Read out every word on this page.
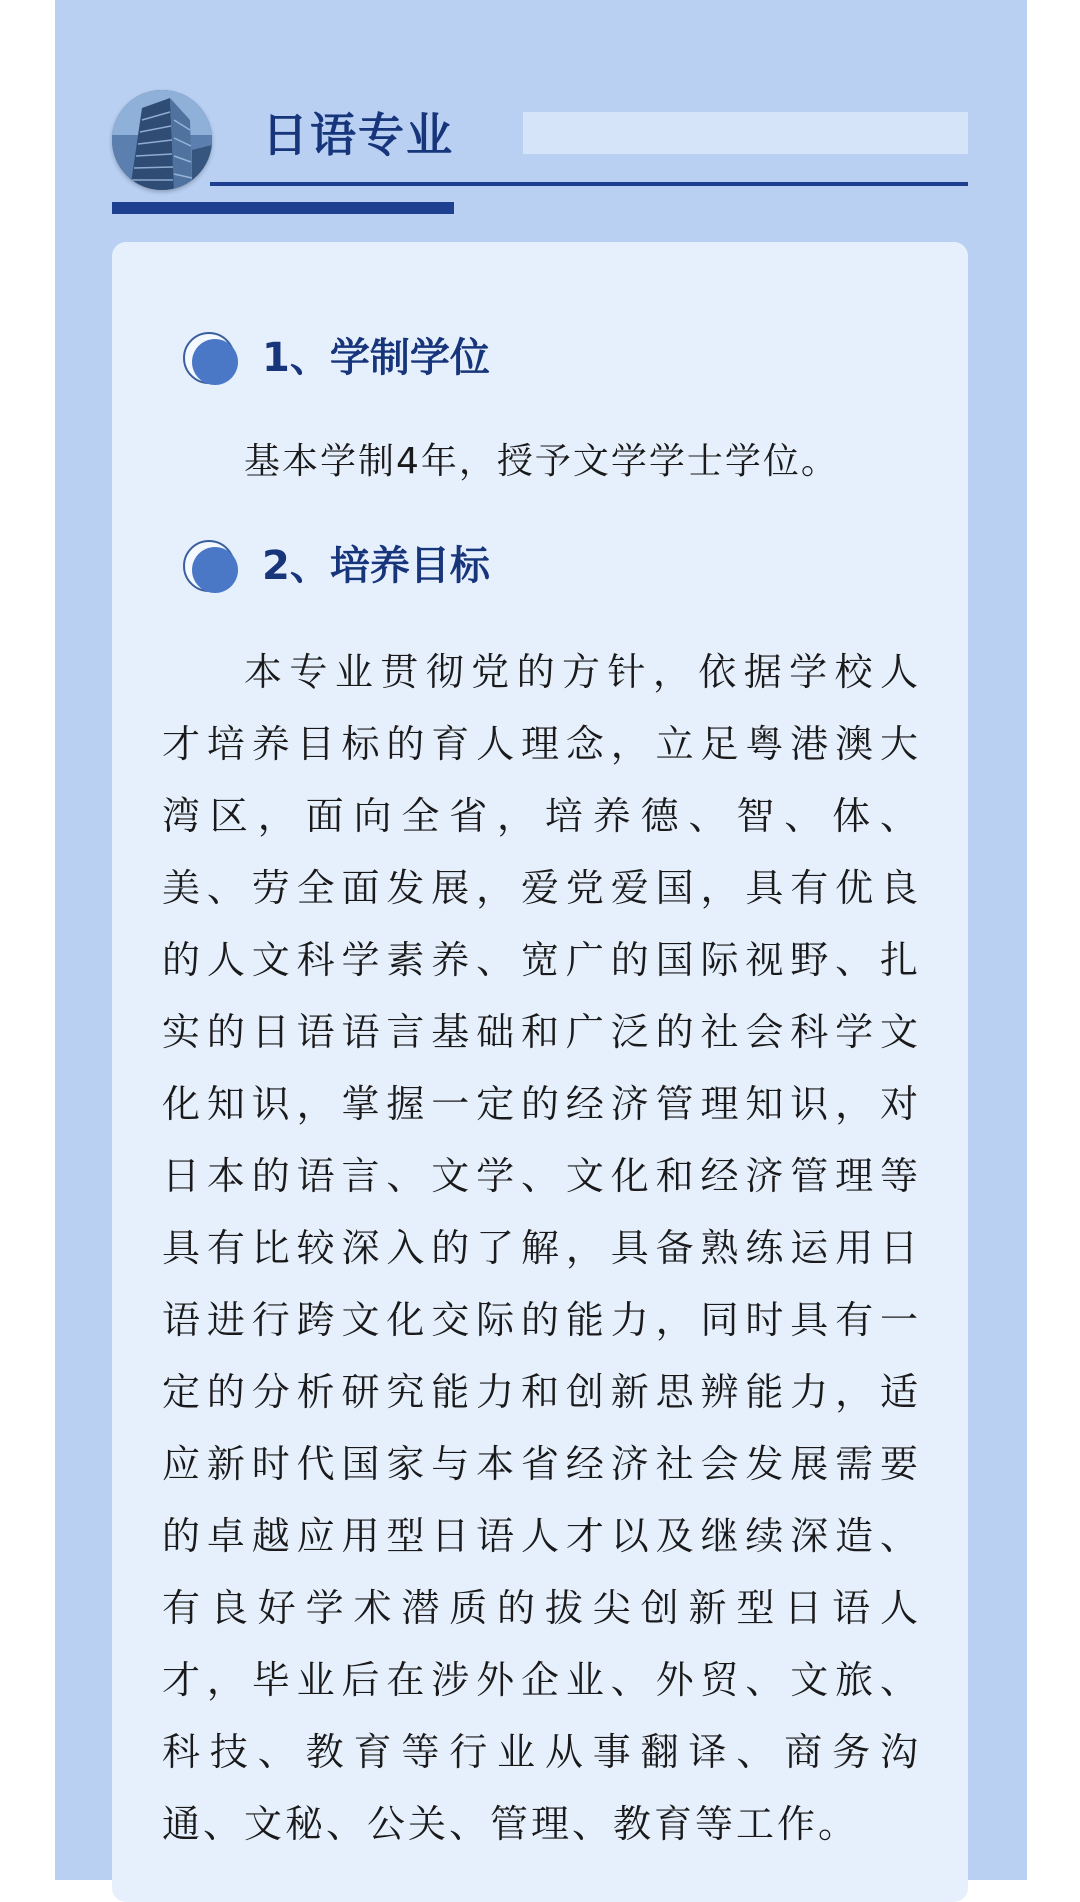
日语专业
1、学制学位
基本学制4年，授予文学学士学位。
2、培养目标
本专业贯彻党的方针，依据学校人
才培养目标的育人理念，立足粤港澳大
湾区，面向全省，培养德、智、体、
美、劳全面发展，爱党爱国，具有优良
的人文科学素养、宽广的国际视野、扎
实的日语语言基础和广泛的社会科学文
化知识，掌握一定的经济管理知识，对
日本的语言、文学、文化和经济管理等
具有比较深入的了解，具备熟练运用日
语进行跨文化交际的能力，同时具有一
定的分析研究能力和创新思辨能力，适
应新时代国家与本省经济社会发展需要
的卓越应用型日语人才以及继续深造、
有良好学术潜质的拔尖创新型日语人
才，毕业后在涉外企业、外贸、文旅、
科技、教育等行业从事翻译、商务沟
通、文秘、公关、管理、教育等工作。
